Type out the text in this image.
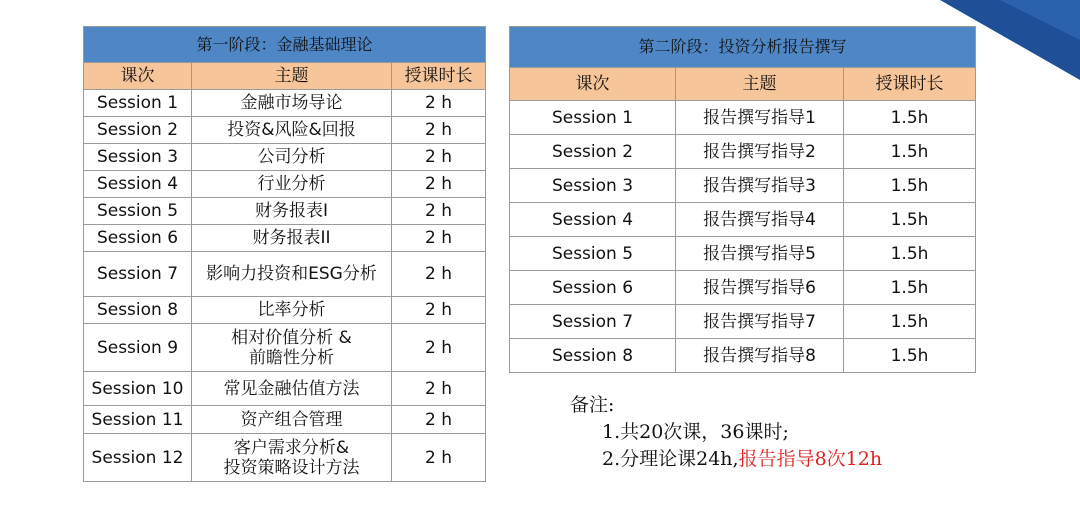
第一阶段：金融基础理论		
课次	主题	授课时长
Session 1	金融市场导论	2 h
Session 2	投资&风险&回报	2 h
Session 3	公司分析	2 h
Session 4	行业分析	2 h
Session 5	财务报表I	2 h
Session 6	财务报表II	2 h
Session 7	影响力投资和ESG分析	2 h
Session 8	比率分析	2 h
Session 9	相对价值分析 &
前瞻性分析	2 h
Session 10	常见金融估值方法	2 h
Session 11	资产组合管理	2 h
Session 12	客户需求分析&
投资策略设计方法	2 h
第二阶段：投资分析报告撰写		
课次	主题	授课时长
Session 1	报告撰写指导1	1.5h
Session 2	报告撰写指导2	1.5h
Session 3	报告撰写指导3	1.5h
Session 4	报告撰写指导4	1.5h
Session 5	报告撰写指导5	1.5h
Session 6	报告撰写指导6	1.5h
Session 7	报告撰写指导7	1.5h
Session 8	报告撰写指导8	1.5h
备注:
1.共20次课，36课时;
2.分理论课24h,报告指导8次12h
